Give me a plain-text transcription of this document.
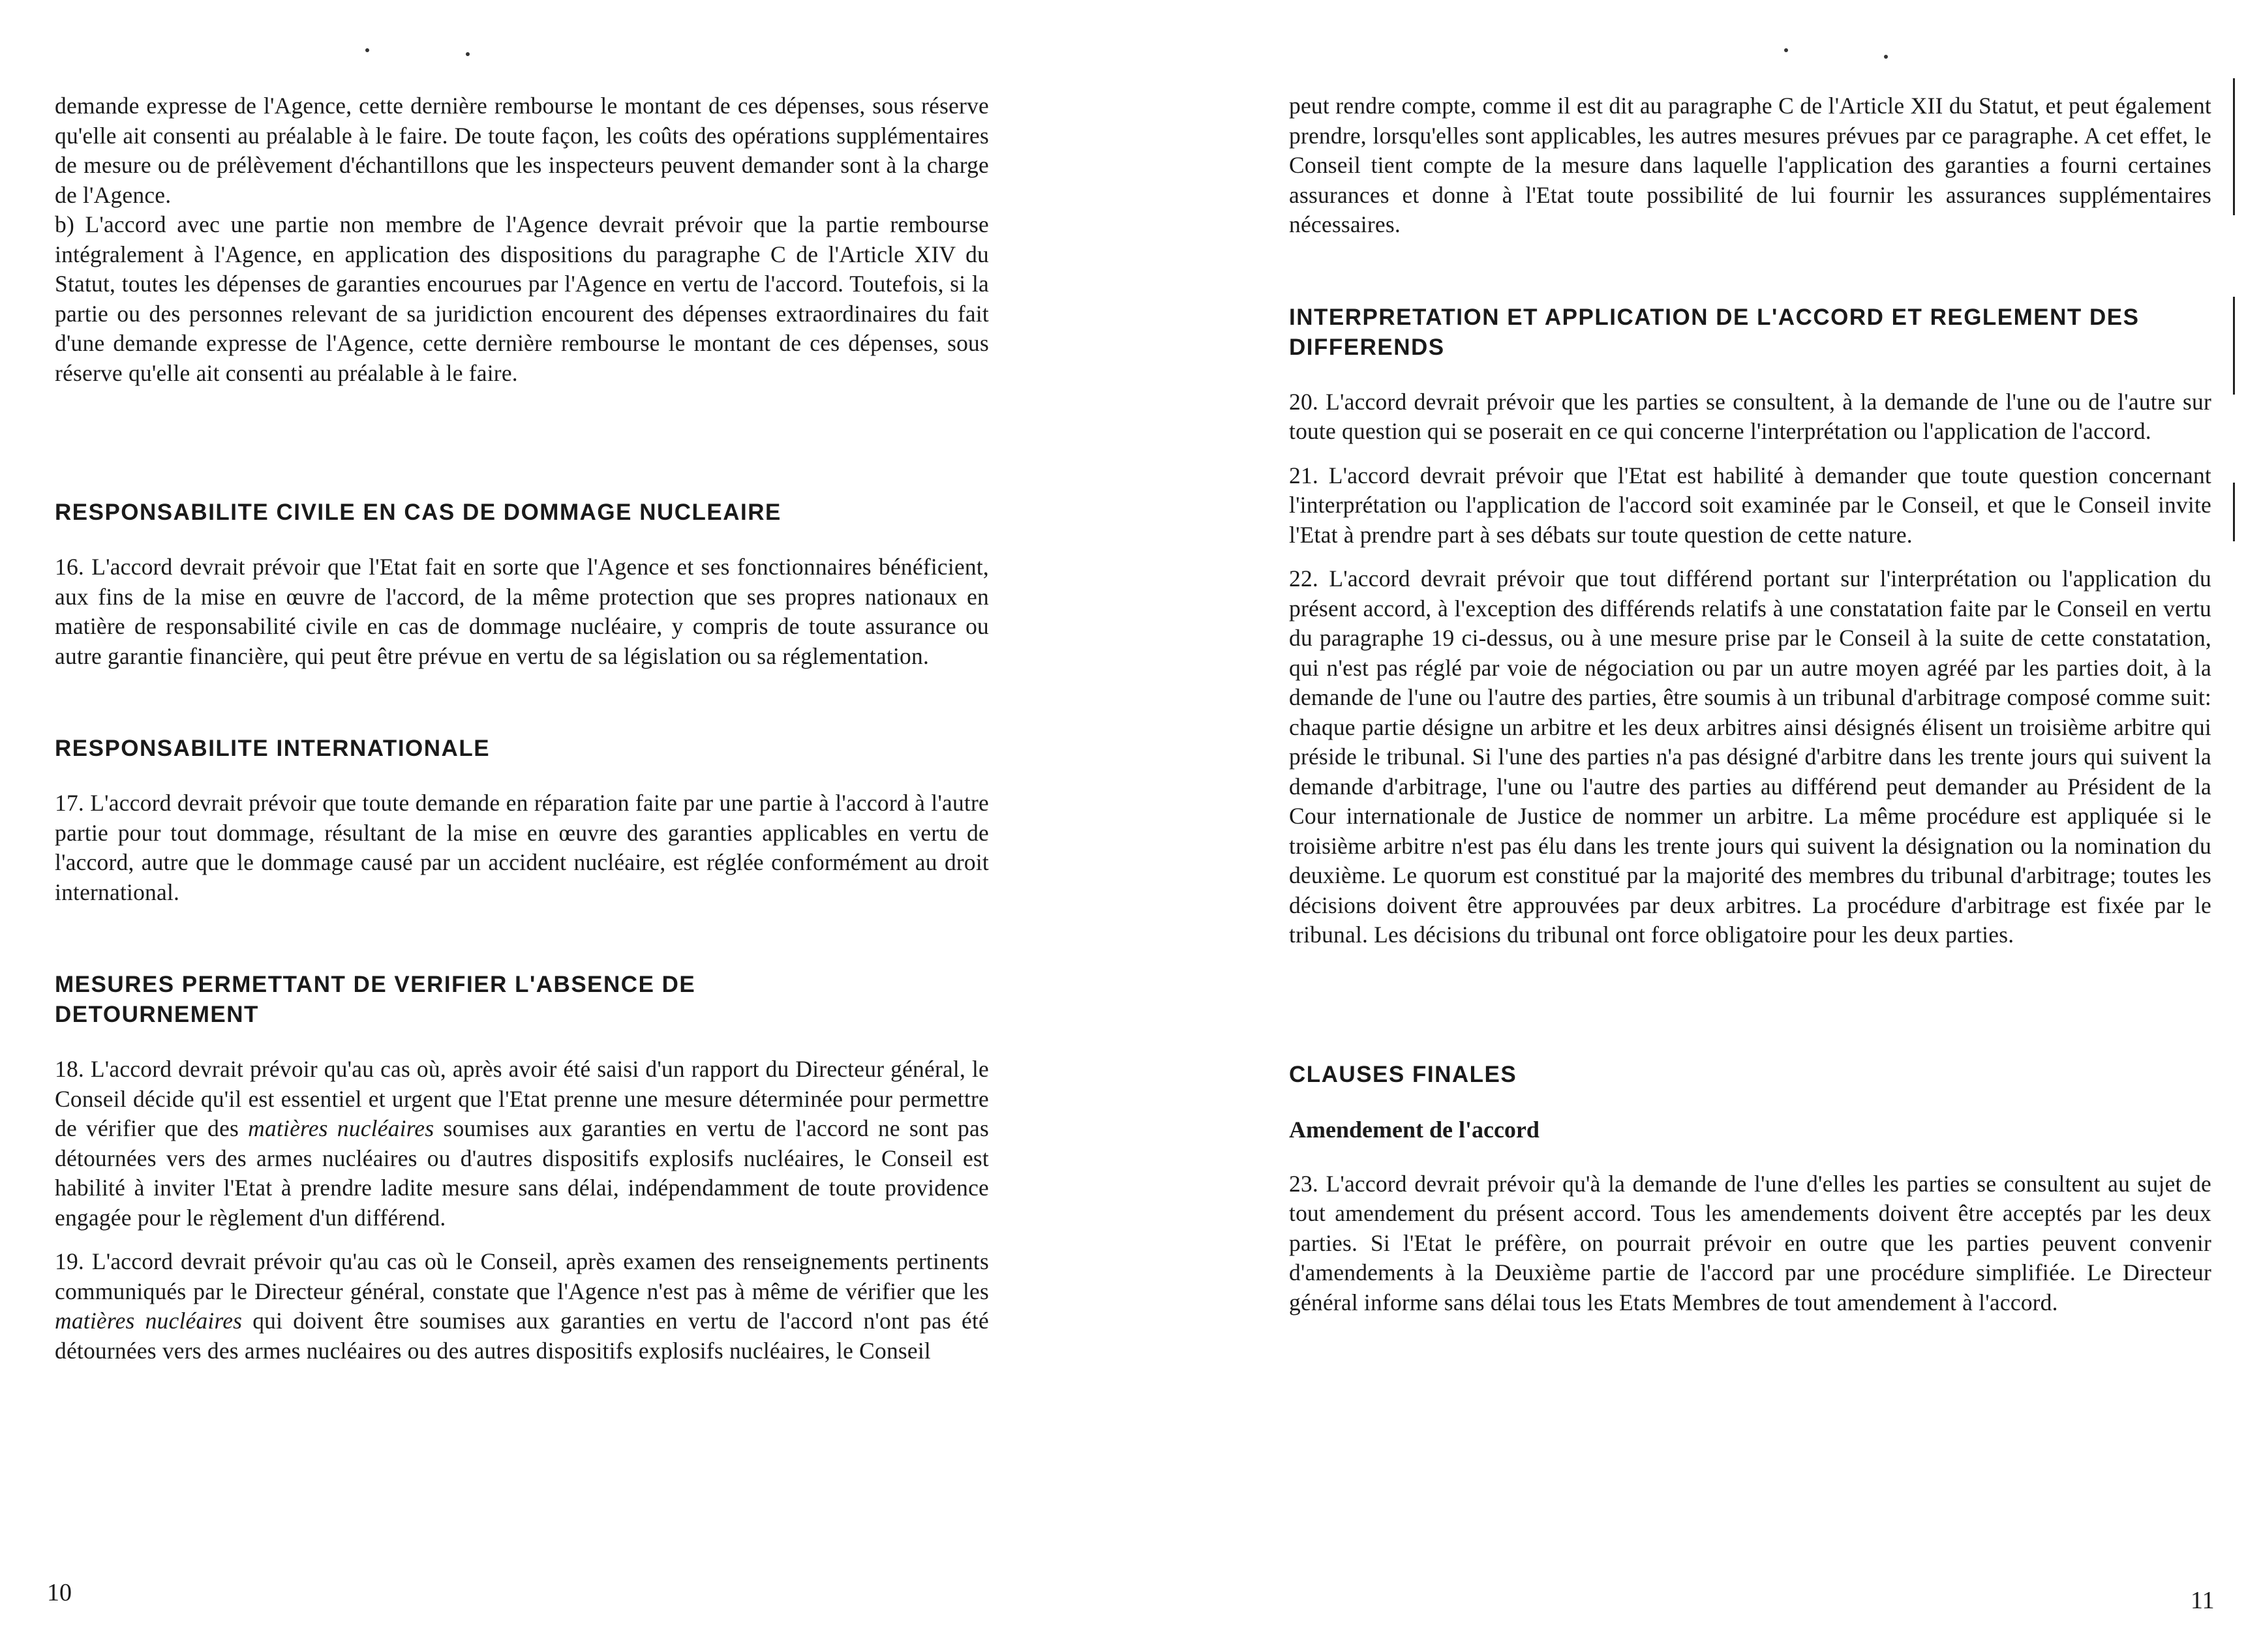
demande expresse de l'Agence, cette dernière rembourse le montant de ces dépenses, sous réserve qu'elle ait consenti au préalable à le faire. De toute façon, les coûts des opérations supplémentaires de mesure ou de prélèvement d'échantillons que les inspecteurs peuvent demander sont à la charge de l'Agence.

b) L'accord avec une partie non membre de l'Agence devrait prévoir que la partie rembourse intégralement à l'Agence, en application des dispositions du paragraphe C de l'Article XIV du Statut, toutes les dépenses de garanties encourues par l'Agence en vertu de l'accord. Toutefois, si la partie ou des personnes relevant de sa juridiction encourent des dépenses extraordinaires du fait d'une demande expresse de l'Agence, cette dernière rembourse le montant de ces dépenses, sous réserve qu'elle ait consenti au préalable à le faire.

RESPONSABILITE CIVILE EN CAS DE DOMMAGE NUCLEAIRE

16. L'accord devrait prévoir que l'Etat fait en sorte que l'Agence et ses fonctionnaires bénéficient, aux fins de la mise en œuvre de l'accord, de la même protection que ses propres nationaux en matière de responsabilité civile en cas de dommage nucléaire, y compris de toute assurance ou autre garantie financière, qui peut être prévue en vertu de sa législation ou sa réglementation.

RESPONSABILITE INTERNATIONALE

17. L'accord devrait prévoir que toute demande en réparation faite par une partie à l'accord à l'autre partie pour tout dommage, résultant de la mise en œuvre des garanties applicables en vertu de l'accord, autre que le dommage causé par un accident nucléaire, est réglée conformément au droit international.

MESURES PERMETTANT DE VERIFIER L'ABSENCE DE
DETOURNEMENT

18. L'accord devrait prévoir qu'au cas où, après avoir été saisi d'un rapport du Directeur général, le Conseil décide qu'il est essentiel et urgent que l'Etat prenne une mesure déterminée pour permettre de vérifier que des matières nucléaires soumises aux garanties en vertu de l'accord ne sont pas détournées vers des armes nucléaires ou d'autres dispositifs explosifs nucléaires, le Conseil est habilité à inviter l'Etat à prendre ladite mesure sans délai, indépendamment de toute providence engagée pour le règlement d'un différend.

19. L'accord devrait prévoir qu'au cas où le Conseil, après examen des renseignements pertinents communiqués par le Directeur général, constate que l'Agence n'est pas à même de vérifier que les matières nucléaires qui doivent être soumises aux garanties en vertu de l'accord n'ont pas été détournées vers des armes nucléaires ou des autres dispositifs explosifs nucléaires, le Conseil

10

peut rendre compte, comme il est dit au paragraphe C de l'Article XII du Statut, et peut également prendre, lorsqu'elles sont applicables, les autres mesures prévues par ce paragraphe. A cet effet, le Conseil tient compte de la mesure dans laquelle l'application des garanties a fourni certaines assurances et donne à l'Etat toute possibilité de lui fournir les assurances supplémentaires nécessaires.

INTERPRETATION ET APPLICATION DE L'ACCORD ET REGLEMENT DES DIFFERENDS

20. L'accord devrait prévoir que les parties se consultent, à la demande de l'une ou de l'autre sur toute question qui se poserait en ce qui concerne l'interprétation ou l'application de l'accord.

21. L'accord devrait prévoir que l'Etat est habilité à demander que toute question concernant l'interprétation ou l'application de l'accord soit examinée par le Conseil, et que le Conseil invite l'Etat à prendre part à ses débats sur toute question de cette nature.

22. L'accord devrait prévoir que tout différend portant sur l'interprétation ou l'application du présent accord, à l'exception des différends relatifs à une constatation faite par le Conseil en vertu du paragraphe 19 ci-dessus, ou à une mesure prise par le Conseil à la suite de cette constatation, qui n'est pas réglé par voie de négociation ou par un autre moyen agréé par les parties doit, à la demande de l'une ou l'autre des parties, être soumis à un tribunal d'arbitrage composé comme suit: chaque partie désigne un arbitre et les deux arbitres ainsi désignés élisent un troisième arbitre qui préside le tribunal. Si l'une des parties n'a pas désigné d'arbitre dans les trente jours qui suivent la demande d'arbitrage, l'une ou l'autre des parties au différend peut demander au Président de la Cour internationale de Justice de nommer un arbitre. La même procédure est appliquée si le troisième arbitre n'est pas élu dans les trente jours qui suivent la désignation ou la nomination du deuxième. Le quorum est constitué par la majorité des membres du tribunal d'arbitrage; toutes les décisions doivent être approuvées par deux arbitres. La procédure d'arbitrage est fixée par le tribunal. Les décisions du tribunal ont force obligatoire pour les deux parties.

CLAUSES FINALES
Amendement de l'accord

23. L'accord devrait prévoir qu'à la demande de l'une d'elles les parties se consultent au sujet de tout amendement du présent accord. Tous les amendements doivent être acceptés par les deux parties. Si l'Etat le préfère, on pourrait prévoir en outre que les parties peuvent convenir d'amendements à la Deuxième partie de l'accord par une procédure simplifiée. Le Directeur général informe sans délai tous les Etats Membres de tout amendement à l'accord.

11
